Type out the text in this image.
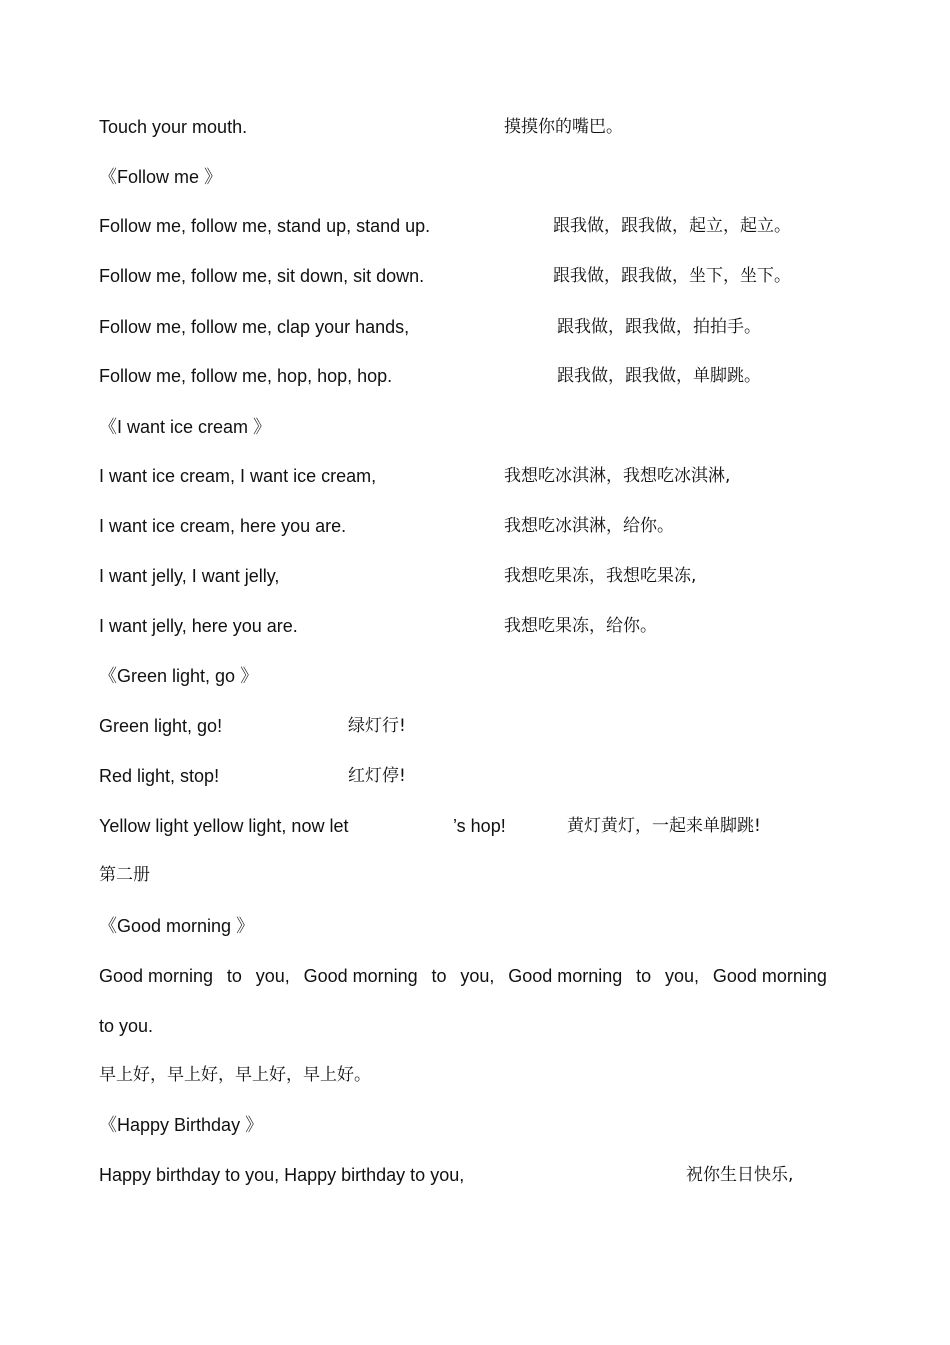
Touch your mouth.	摸摸你的嘴巴。
《Follow me 》
Follow me, follow me, stand up, stand up.	跟我做，跟我做，起立，起立。
Follow me, follow me, sit down, sit down.	跟我做，跟我做，坐下，坐下。
Follow me, follow me, clap your hands,	跟我做，跟我做，拍拍手。
Follow me, follow me, hop, hop, hop.	跟我做，跟我做，单脚跳。
《I want ice cream 》
I want ice cream, I want ice cream,	我想吃冰淇淋，我想吃冰淇淋,
I want ice cream, here you are.	我想吃冰淇淋，给你。
I want jelly, I want jelly,	我想吃果冻，我想吃果冻,
I want jelly, here you are.	我想吃果冻，给你。
《Green light, go 》
Green light, go!	绿灯行!
Red light, stop!	红灯停!
Yellow light yellow light, now let	’s hop!	黄灯黄灯，一起来单脚跳!
第二册
《Good morning 》
Good morning to you, Good morning to you, Good morning to you, Good morning
to you.
早上好，早上好，早上好，早上好。
《Happy Birthday 》
Happy birthday to you, Happy birthday to you,	祝你生日快乐,
